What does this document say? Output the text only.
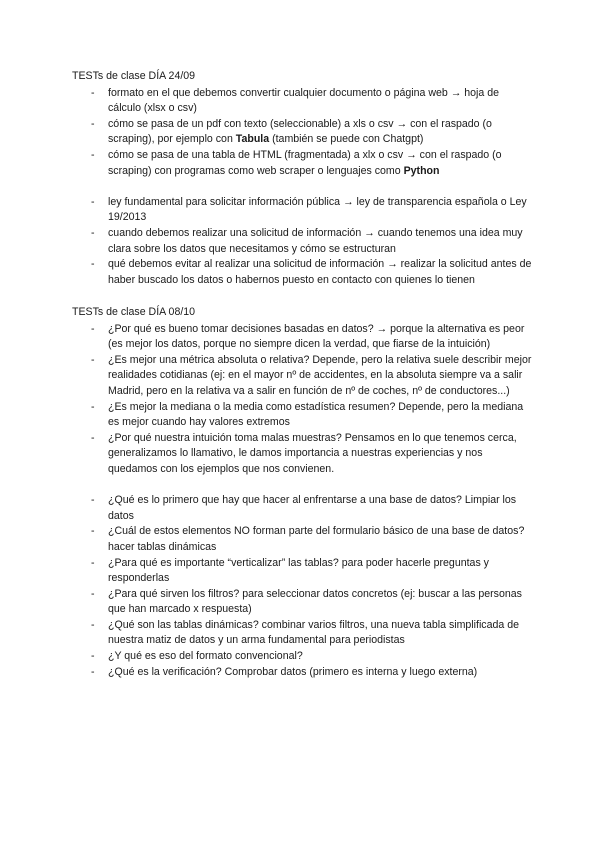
TESTs de clase DÍA 24/09
- formato en el que debemos convertir cualquier documento o página web → hoja de cálculo (xlsx o csv)
- cómo se pasa de un pdf con texto (seleccionable) a xls o csv → con el raspado (o scraping), por ejemplo con Tabula (también se puede con Chatgpt)
- cómo se pasa de una tabla de HTML (fragmentada) a xlx o csv → con el raspado (o scraping) con programas como web scraper o lenguajes como Python
- ley fundamental para solicitar información pública → ley de transparencia española o Ley 19/2013
- cuando debemos realizar una solicitud de información → cuando tenemos una idea muy clara sobre los datos que necesitamos y cómo se estructuran
- qué debemos evitar al realizar una solicitud de información → realizar la solicitud antes de haber buscado los datos o habernos puesto en contacto con quienes lo tienen
TESTs de clase DÍA 08/10
- ¿Por qué es bueno tomar decisiones basadas en datos? → porque la alternativa es peor (es mejor los datos, porque no siempre dicen la verdad, que fiarse de la intuición)
- ¿Es mejor una métrica absoluta o relativa? Depende, pero la relativa suele describir mejor realidades cotidianas (ej: en el mayor nº de accidentes, en la absoluta siempre va a salir Madrid, pero en la relativa va a salir en función de nº de coches, nº de conductores...)
- ¿Es mejor la mediana o la media como estadística resumen? Depende, pero la mediana es mejor cuando hay valores extremos
- ¿Por qué nuestra intuición toma malas muestras? Pensamos en lo que tenemos cerca, generalizamos lo llamativo, le damos importancia a nuestras experiencias y nos quedamos con los ejemplos que nos convienen.
- ¿Qué es lo primero que hay que hacer al enfrentarse a una base de datos? Limpiar los datos
- ¿Cuál de estos elementos NO forman parte del formulario básico de una base de datos? hacer tablas dinámicas
- ¿Para qué es importante “verticalizar” las tablas? para poder hacerle preguntas y responderlas
- ¿Para qué sirven los filtros? para seleccionar datos concretos (ej: buscar a las personas que han marcado x respuesta)
- ¿Qué son las tablas dinámicas? combinar varios filtros, una nueva tabla simplificada de nuestra matiz de datos y un arma fundamental para periodistas
- ¿Y qué es eso del formato convencional?
- ¿Qué es la verificación? Comprobar datos (primero es interna y luego externa)
